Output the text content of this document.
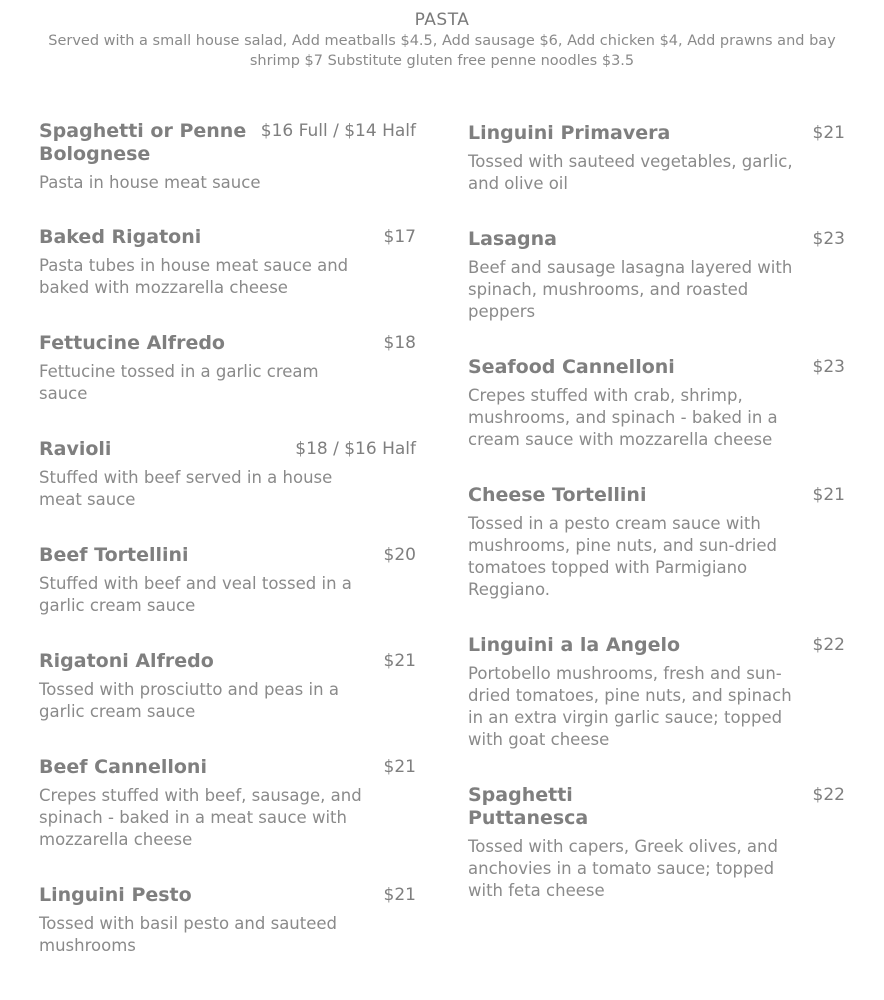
PASTA
Served with a small house salad, Add meatballs $4.5, Add sausage $6, Add chicken $4, Add prawns and bay shrimp $7 Substitute gluten free penne noodles $3.5
Spaghetti or Penne Bolognese
$16 Full / $14 Half
Pasta in house meat sauce
Baked Rigatoni	$17
Pasta tubes in house meat sauce and baked with mozzarella cheese
Fettucine Alfredo	$18
Fettucine tossed in a garlic cream sauce
Ravioli	$18 / $16 Half
Stuffed with beef served in a house meat sauce
Beef Tortellini	$20
Stuffed with beef and veal tossed in a garlic cream sauce
Rigatoni Alfredo	$21
Tossed with prosciutto and peas in a garlic cream sauce
Beef Cannelloni	$21
Crepes stuffed with beef, sausage, and spinach - baked in a meat sauce with mozzarella cheese
Linguini Pesto	$21
Tossed with basil pesto and sauteed mushrooms
Linguini Primavera	$21
Tossed with sauteed vegetables, garlic, and olive oil
Lasagna	$23
Beef and sausage lasagna layered with spinach, mushrooms, and roasted peppers
Seafood Cannelloni	$23
Crepes stuffed with crab, shrimp, mushrooms, and spinach - baked in a cream sauce with mozzarella cheese
Cheese Tortellini	$21
Tossed in a pesto cream sauce with mushrooms, pine nuts, and sun-dried tomatoes topped with Parmigiano Reggiano.
Linguini a la Angelo	$22
Portobello mushrooms, fresh and sun-dried tomatoes, pine nuts, and spinach in an extra virgin garlic sauce; topped with goat cheese
Spaghetti Puttanesca
$22
Tossed with capers, Greek olives, and anchovies in a tomato sauce; topped with feta cheese
